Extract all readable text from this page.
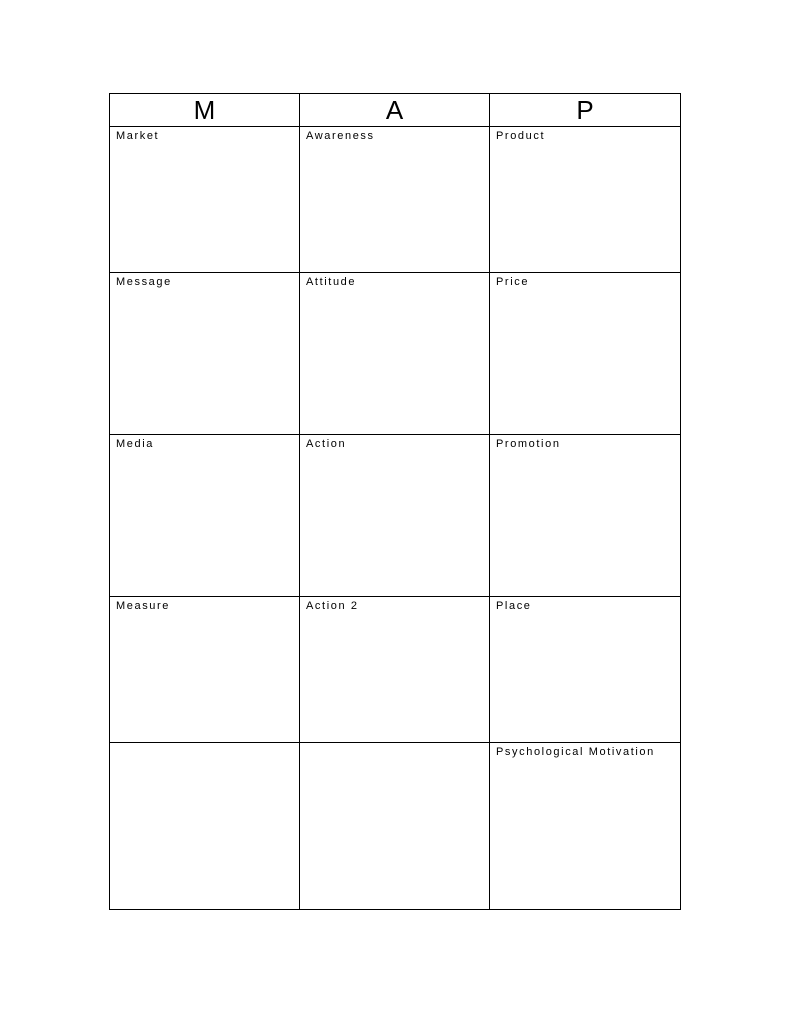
M	A	P

Market	Awareness	Product

Message	Attitude	Price

Media	Action	Promotion

Measure	Action 2	Place

		Psychological Motivation
